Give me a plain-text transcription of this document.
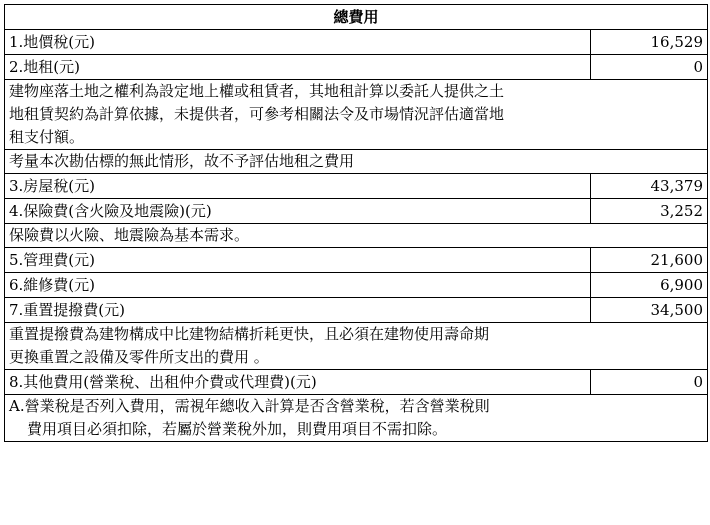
總費用	
1.地價稅(元)	16,529
2.地租(元)	0
建物座落土地之權利為設定地上權或租賃者，其地租計算以委託人提供之土	
地租賃契約為計算依據，未提供者，可參考相關法令及市場情況評估適當地	
租支付額。	
考量本次勘估標的無此情形，故不予評估地租之費用	
3.房屋稅(元)	43,379
4.保險費(含火險及地震險)(元)	3,252
保險費以火險、地震險為基本需求。	
5.管理費(元)	21,600
6.維修費(元)	6,900
7.重置提撥費(元)	34,500
重置提撥費為建物構成中比建物結構折耗更快，且必須在建物使用壽命期	
更換重置之設備及零件所支出的費用 。	
8.其他費用(營業稅、出租仲介費或代理費)(元)	0
A.營業稅是否列入費用，需視年總收入計算是否含營業稅，若含營業稅則	
費用項目必須扣除，若屬於營業稅外加，則費用項目不需扣除。	
